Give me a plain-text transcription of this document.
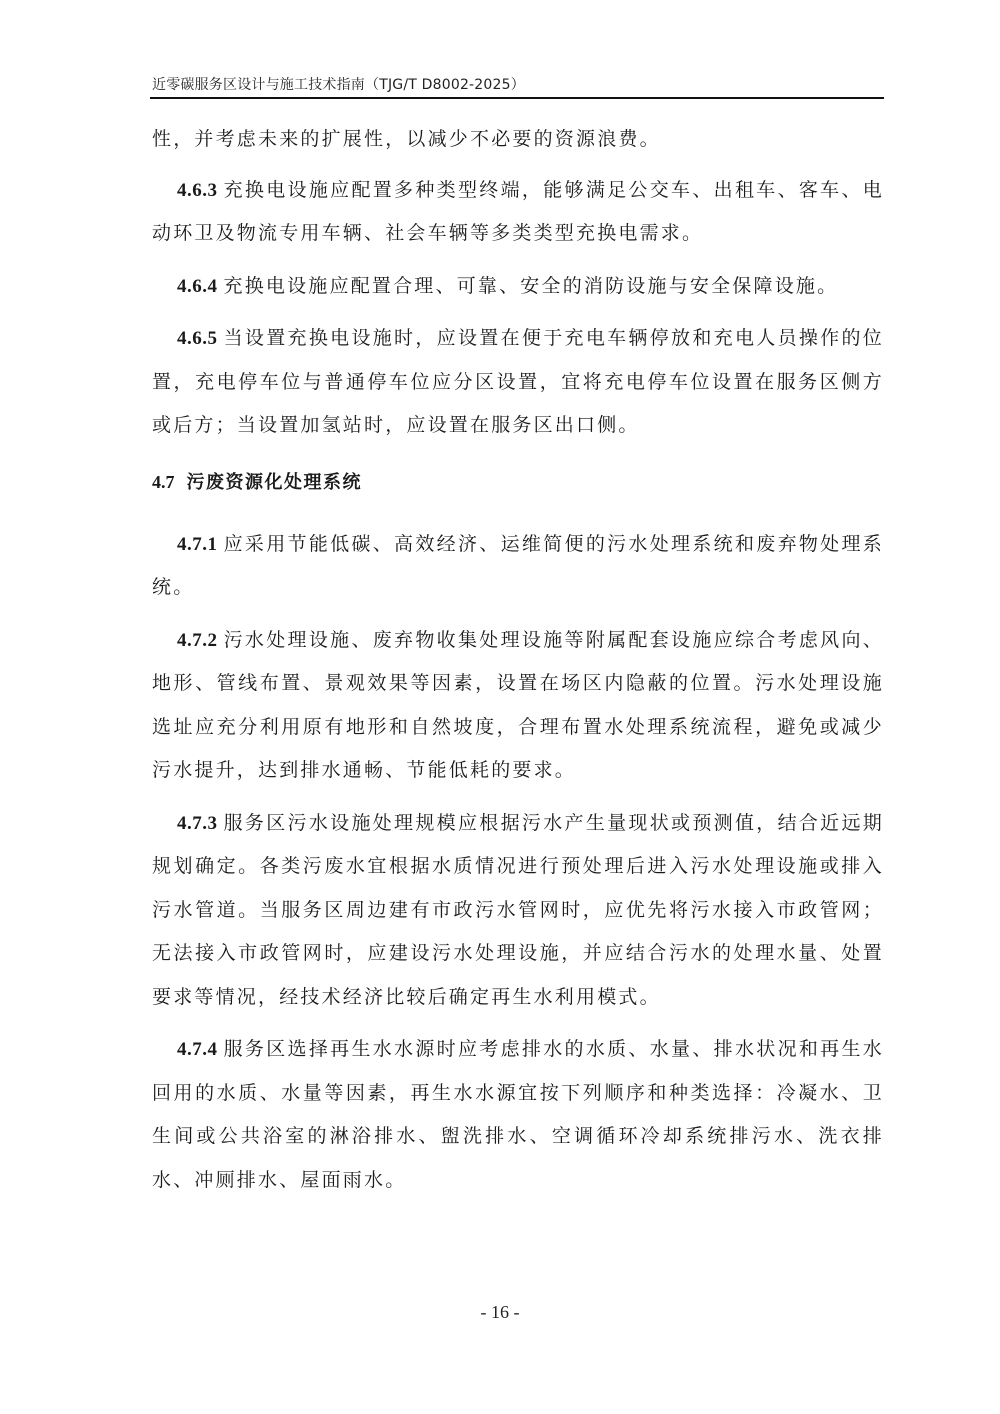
近零碳服务区设计与施工技术指南（TJG/T D8002-2025）

性，并考虑未来的扩展性，以减少不必要的资源浪费。

4.6.3 充换电设施应配置多种类型终端，能够满足公交车、出租车、客车、电动环卫及物流专用车辆、社会车辆等多类类型充换电需求。

4.6.4 充换电设施应配置合理、可靠、安全的消防设施与安全保障设施。

4.6.5 当设置充换电设施时，应设置在便于充电车辆停放和充电人员操作的位置，充电停车位与普通停车位应分区设置，宜将充电停车位设置在服务区侧方或后方；当设置加氢站时，应设置在服务区出口侧。

4.7 污废资源化处理系统

4.7.1 应采用节能低碳、高效经济、运维简便的污水处理系统和废弃物处理系统。

4.7.2 污水处理设施、废弃物收集处理设施等附属配套设施应综合考虑风向、地形、管线布置、景观效果等因素，设置在场区内隐蔽的位置。污水处理设施选址应充分利用原有地形和自然坡度，合理布置水处理系统流程，避免或减少污水提升，达到排水通畅、节能低耗的要求。

4.7.3 服务区污水设施处理规模应根据污水产生量现状或预测值，结合近远期规划确定。各类污废水宜根据水质情况进行预处理后进入污水处理设施或排入污水管道。当服务区周边建有市政污水管网时，应优先将污水接入市政管网；无法接入市政管网时，应建设污水处理设施，并应结合污水的处理水量、处置要求等情况，经技术经济比较后确定再生水利用模式。

4.7.4 服务区选择再生水水源时应考虑排水的水质、水量、排水状况和再生水回用的水质、水量等因素，再生水水源宜按下列顺序和种类选择：冷凝水、卫生间或公共浴室的淋浴排水、盥洗排水、空调循环冷却系统排污水、洗衣排水、冲厕排水、屋面雨水。

- 16 -
